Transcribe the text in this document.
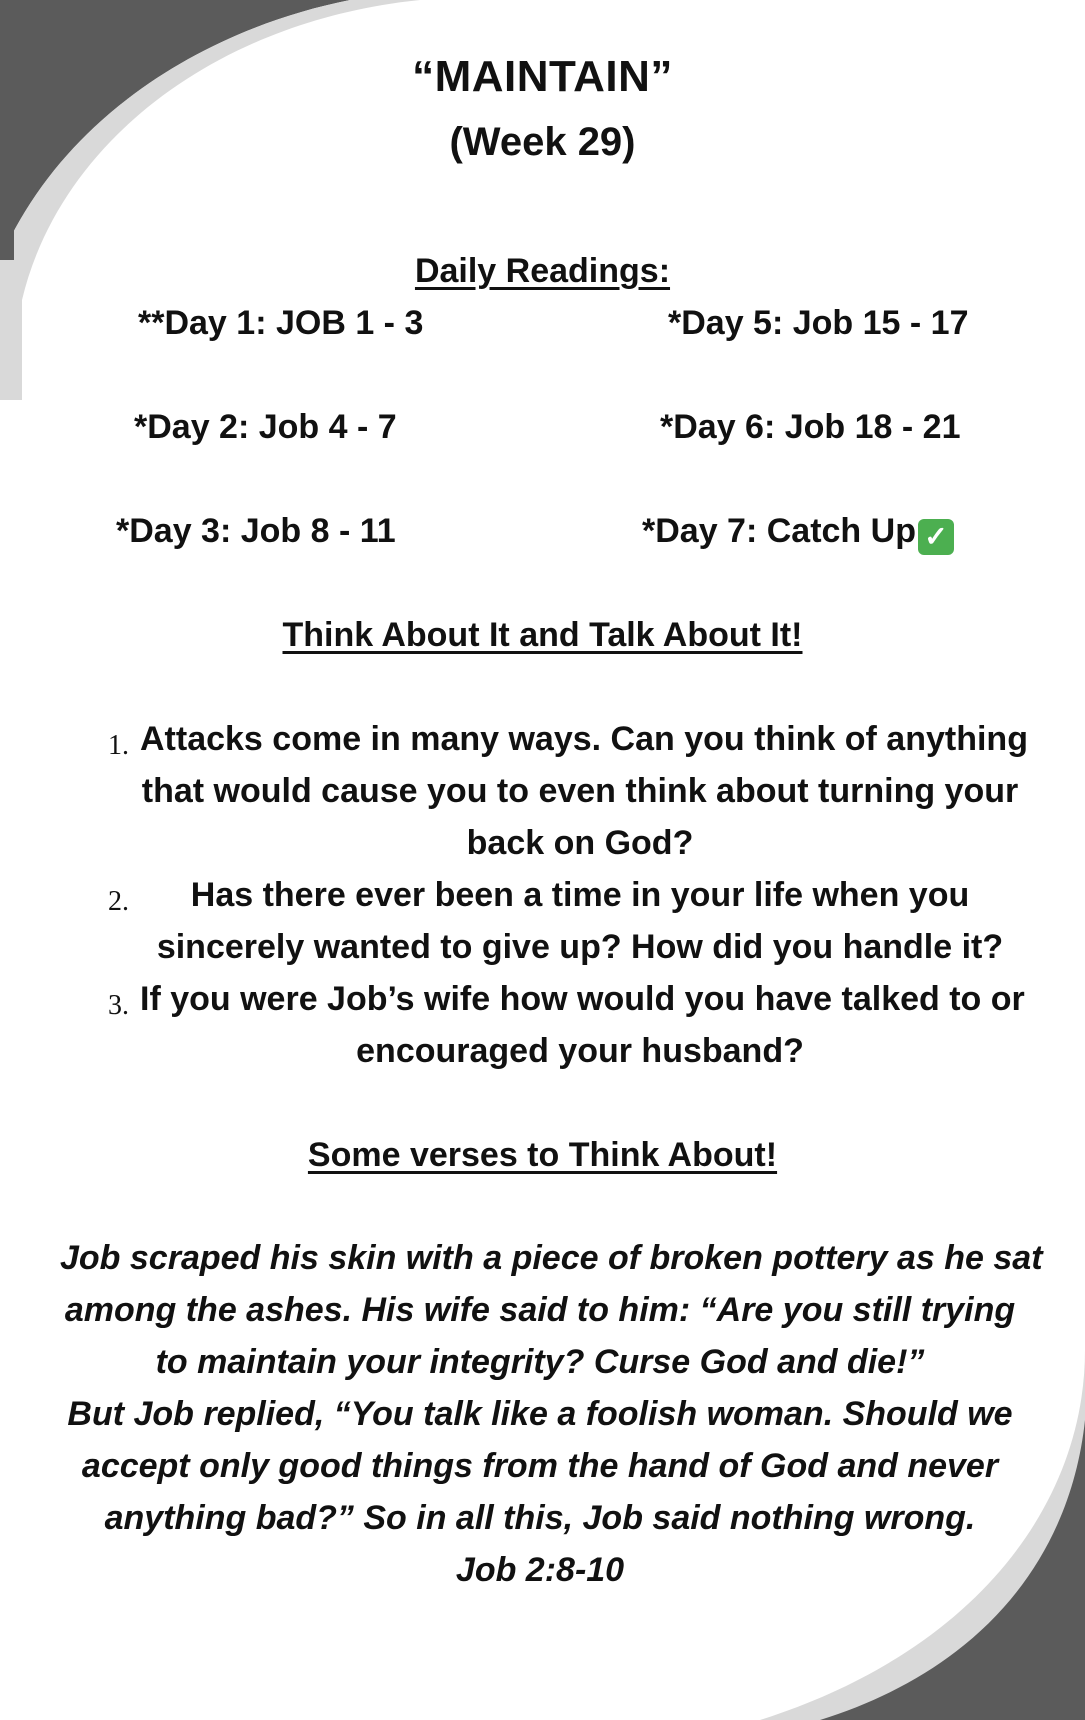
“MAINTAIN”
(Week 29)
Daily Readings:
**Day 1: JOB 1 - 3
*Day 2: Job 4 - 7
*Day 3: Job 8 - 11
*Day 5: Job 15 - 17
*Day 6: Job 18 - 21
*Day 7: Catch Up ✓
Think About It and Talk About It!
1. Attacks come in many ways. Can you think of anything
that would cause you to even think about turning your
back on God?
2.	Has there ever been a time in your life when you
sincerely wanted to give up? How did you handle it?
3. If you were Job’s wife how would you have talked to or
encouraged your husband?
Some verses to Think About!
Job scraped his skin with a piece of broken pottery as he sat
among the ashes. His wife said to him: “Are you still trying
to maintain your integrity? Curse God and die!”
But Job replied, “You talk like a foolish woman. Should we
accept only good things from the hand of God and never
anything bad?” So in all this, Job said nothing wrong.
Job 2:8-10
